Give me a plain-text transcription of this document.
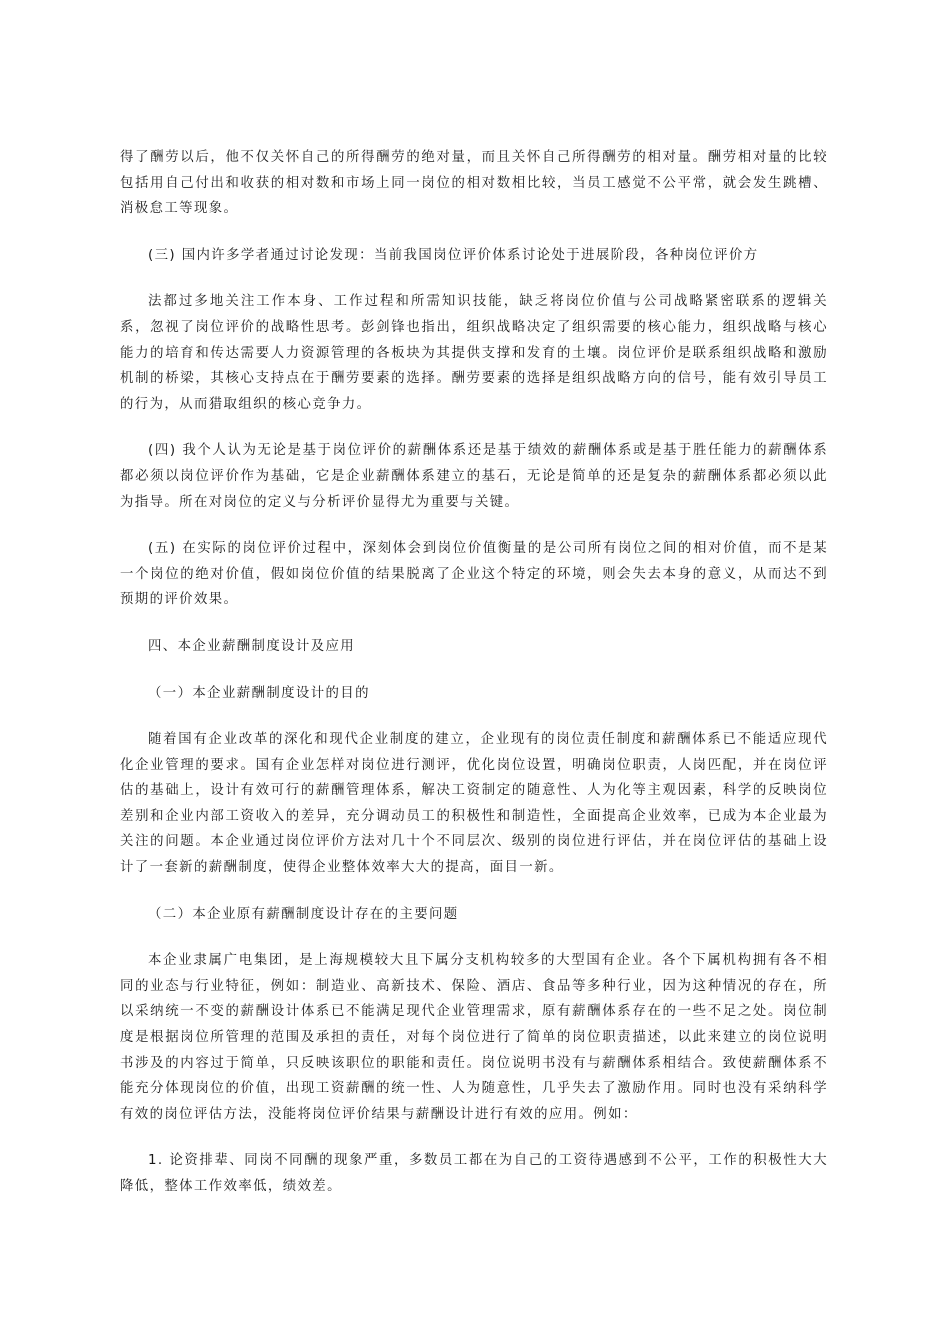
得了酬劳以后，他不仅关怀自己的所得酬劳的绝对量，而且关怀自己所得酬劳的相对量。酬劳相对量的比较包括用自己付出和收获的相对数和市场上同一岗位的相对数相比较，当员工感觉不公平常，就会发生跳槽、消极怠工等现象。

(三) 国内许多学者通过讨论发现：当前我国岗位评价体系讨论处于进展阶段，各种岗位评价方

法都过多地关注工作本身、工作过程和所需知识技能，缺乏将岗位价值与公司战略紧密联系的逻辑关系，忽视了岗位评价的战略性思考。彭剑锋也指出，组织战略决定了组织需要的核心能力，组织战略与核心能力的培育和传达需要人力资源管理的各板块为其提供支撑和发育的土壤。岗位评价是联系组织战略和激励机制的桥梁，其核心支持点在于酬劳要素的选择。酬劳要素的选择是组织战略方向的信号，能有效引导员工的行为，从而猎取组织的核心竞争力。

(四) 我个人认为无论是基于岗位评价的薪酬体系还是基于绩效的薪酬体系或是基于胜任能力的薪酬体系都必须以岗位评价作为基础，它是企业薪酬体系建立的基石，无论是简单的还是复杂的薪酬体系都必须以此为指导。所在对岗位的定义与分析评价显得尤为重要与关键。

(五) 在实际的岗位评价过程中，深刻体会到岗位价值衡量的是公司所有岗位之间的相对价值，而不是某一个岗位的绝对价值，假如岗位价值的结果脱离了企业这个特定的环境，则会失去本身的意义，从而达不到预期的评价效果。

四、本企业薪酬制度设计及应用

（一）本企业薪酬制度设计的目的

随着国有企业改革的深化和现代企业制度的建立，企业现有的岗位责任制度和薪酬体系已不能适应现代化企业管理的要求。国有企业怎样对岗位进行测评，优化岗位设置，明确岗位职责，人岗匹配，并在岗位评估的基础上，设计有效可行的薪酬管理体系，解决工资制定的随意性、人为化等主观因素，科学的反映岗位差别和企业内部工资收入的差异，充分调动员工的积极性和制造性，全面提高企业效率，已成为本企业最为关注的问题。本企业通过岗位评价方法对几十个不同层次、级别的岗位进行评估，并在岗位评估的基础上设计了一套新的薪酬制度，使得企业整体效率大大的提高，面目一新。

（二）本企业原有薪酬制度设计存在的主要问题

本企业隶属广电集团，是上海规模较大且下属分支机构较多的大型国有企业。各个下属机构拥有各不相同的业态与行业特征，例如：制造业、高新技术、保险、酒店、食品等多种行业，因为这种情况的存在，所以采纳统一不变的薪酬设计体系已不能满足现代企业管理需求，原有薪酬体系存在的一些不足之处。岗位制度是根据岗位所管理的范围及承担的责任，对每个岗位进行了简单的岗位职责描述，以此来建立的岗位说明书涉及的内容过于简单，只反映该职位的职能和责任。岗位说明书没有与薪酬体系相结合。致使薪酬体系不能充分体现岗位的价值，出现工资薪酬的统一性、人为随意性，几乎失去了激励作用。同时也没有采纳科学有效的岗位评估方法，没能将岗位评价结果与薪酬设计进行有效的应用。例如：

1. 论资排辈、同岗不同酬的现象严重，多数员工都在为自己的工资待遇感到不公平，工作的积极性大大降低，整体工作效率低，绩效差。
